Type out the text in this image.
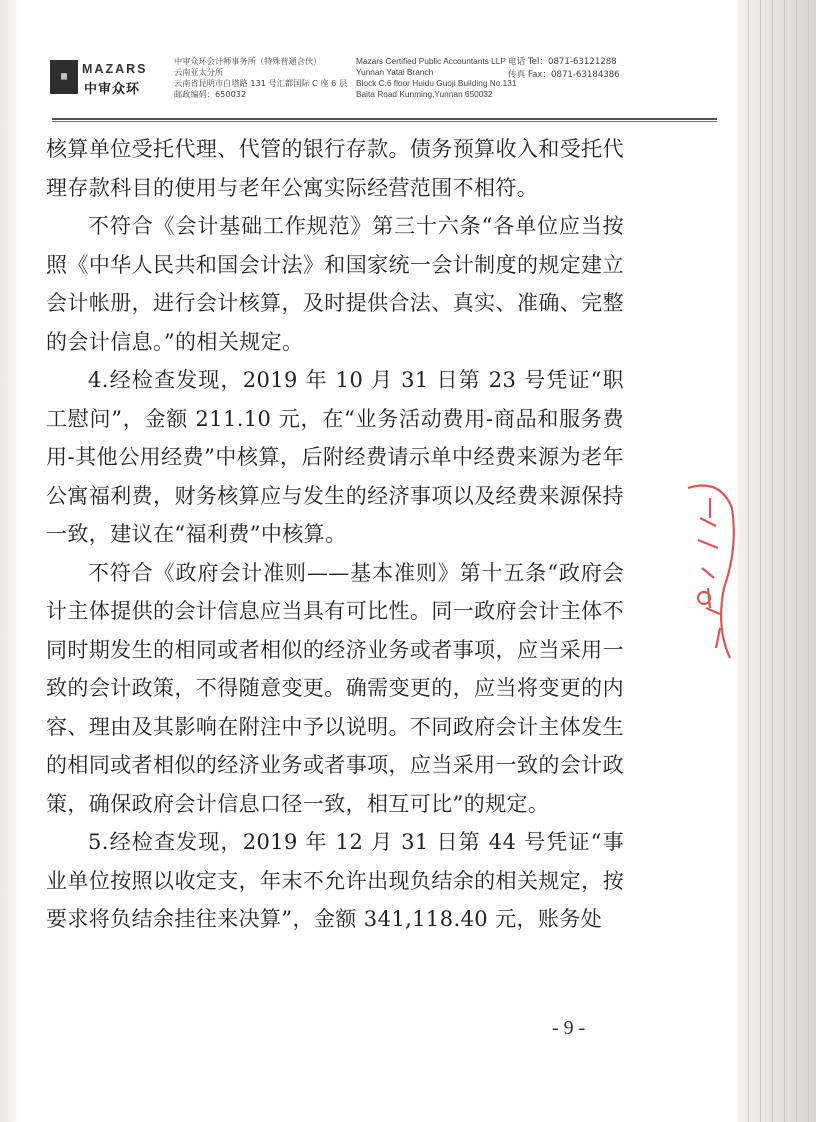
▦
MAZARS
中审众环
中审众环会计师事务所（特殊普通合伙）
云南亚太分所
云南省昆明市白塔路 131 号汇都国际 C 座 6 层
邮政编码：650032
Mazars Certified Public Accountants LLP
Yunnan Yatai Branch
Block C,6 floor Huidu Guoji Building No.131
Baita Road Kunming,Yunnan 650032
电话 Tel：0871-63121288
传真 Fax：0871-63184386

核算单位受托代理、代管的银行存款。债务预算收入和受托代理存款科目的使用与老年公寓实际经营范围不相符。

不符合《会计基础工作规范》第三十六条“各单位应当按照《中华人民共和国会计法》和国家统一会计制度的规定建立会计帐册，进行会计核算，及时提供合法、真实、准确、完整的会计信息。”的相关规定。

4.经检查发现，2019 年 10 月 31 日第 23 号凭证“职工慰问”，金额 211.10 元，在“业务活动费用-商品和服务费用-其他公用经费”中核算，后附经费请示单中经费来源为老年公寓福利费，财务核算应与发生的经济事项以及经费来源保持一致，建议在“福利费”中核算。

不符合《政府会计准则——基本准则》第十五条“政府会计主体提供的会计信息应当具有可比性。同一政府会计主体不同时期发生的相同或者相似的经济业务或者事项，应当采用一致的会计政策，不得随意变更。确需变更的，应当将变更的内容、理由及其影响在附注中予以说明。不同政府会计主体发生的相同或者相似的经济业务或者事项，应当采用一致的会计政策，确保政府会计信息口径一致，相互可比”的规定。

5.经检查发现，2019 年 12 月 31 日第 44 号凭证“事业单位按照以收定支，年末不允许出现负结余的相关规定，按要求将负结余挂往来决算”，金额 341,118.40 元，账务处

- 9 -
